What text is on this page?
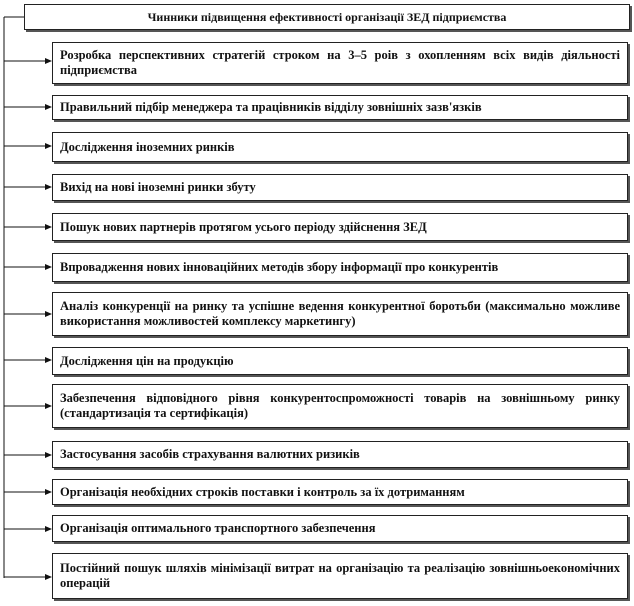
Чинники підвищення ефективності організації ЗЕД підприємства
Розробка перспективних стратегій строком на 3–5 роів з охопленням всіх видів діяльності підприємства
Правильний підбір менеджера та працівників відділу зовнішніх зазв'язків
Дослідження іноземних ринків
Вихід на нові іноземні ринки збуту
Пошук нових партнерів протягом усього періоду здійснення ЗЕД
Впровадження нових інноваційних методів збору інформації про конкурентів
Аналіз конкуренції на ринку та успішне ведення конкурентної боротьби (максимально можливе використання можливостей комплексу маркетингу)
Дослідження цін на продукцію
Забезпечення відповідного рівня конкурентоспроможності товарів на зовнішньому ринку (стандартизація та сертифікація)
Застосування засобів страхування валютних ризиків
Організація необхідних строків поставки і контроль за їх дотриманням
Організація оптимального транспортного забезпечення
Постійний пошук шляхів мінімізації витрат на організацію та реалізацію зовнішньоекономічних операцій
